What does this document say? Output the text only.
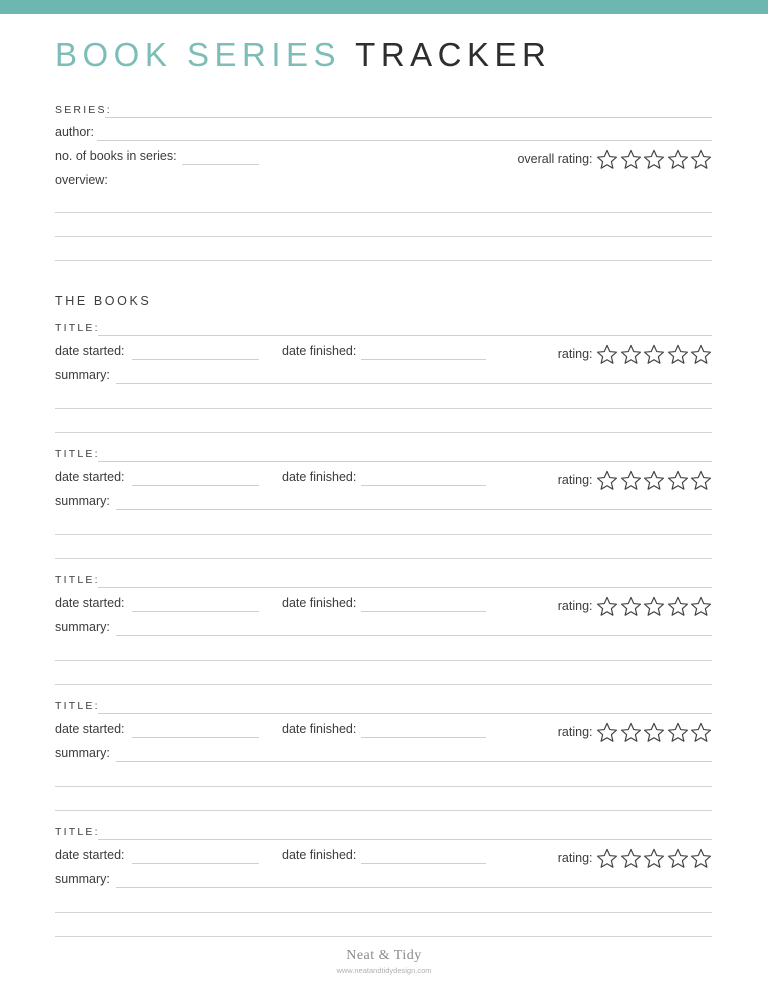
BOOK SERIES TRACKER
SERIES:
author:
no. of books in series:	overall rating:
overview:
THE BOOKS
TITLE:
date started:	date finished:	rating:
summary:
TITLE:
date started:	date finished:	rating:
summary:
TITLE:
date started:	date finished:	rating:
summary:
TITLE:
date started:	date finished:	rating:
summary:
TITLE:
date started:	date finished:	rating:
summary:
Neat & Tidy
www.neatandtidydesign.com
